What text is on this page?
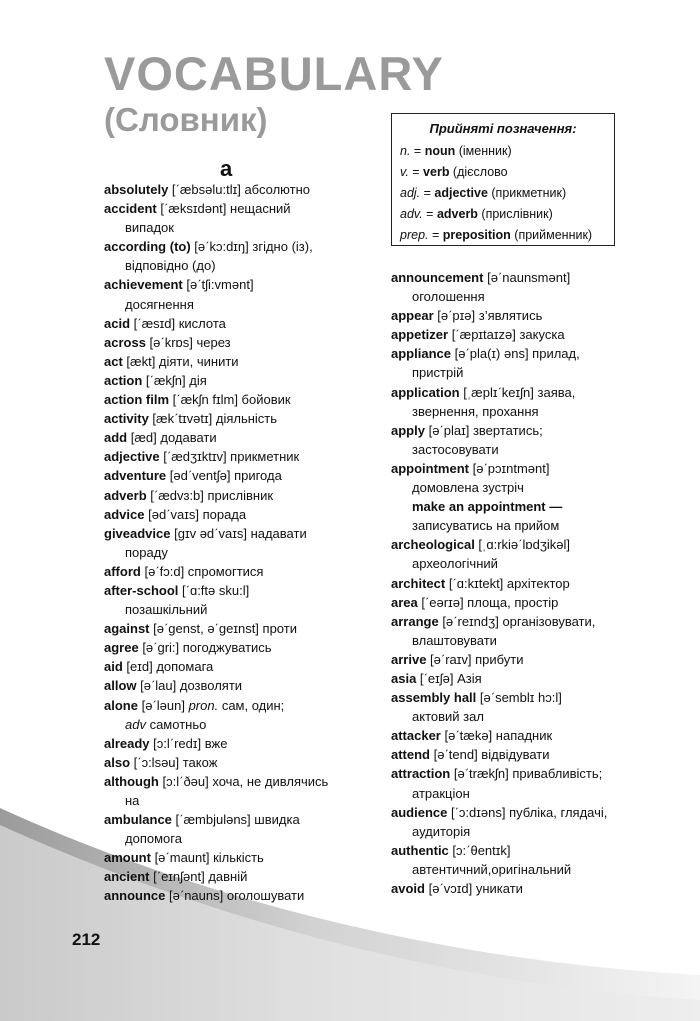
VOCABULARY
(Словник)	Прийняті позначення:
n. = noun (іменник)
v. = verb (дієслово
adj. = adjective (прикметник)
adv. = adverb (прислівник)
prep. = preposition (прийменник)
a
absolutely [ˊæbsəlu:tlɪ] абсолютно
accident [ˊæksɪdənt] нещасний
випадок
according (to) [əˊkɔ:dɪŋ] згідно (із),
відповідно (до)
achievement [əˊtʃi:vmənt]
досягнення
acid [ˊæsɪd] кислота
across [əˊkrɒs] через
act [ækt] діяти, чинити
action [ˊækʃn] дія
action film [ˊækʃn fɪlm] бойовик
activity [ækˊtɪvətɪ] діяльність
add [æd] додавати
adjective [ˊædʒɪktɪv] прикметник
adventure [ədˊventʃə] пригода
adverb [ˊædvɜ:b] прислівник
advice [ədˊvaɪs] порада
giveadvice [gɪv ədˊvaɪs] надавати
пораду
afford [əˊfɔ:d] спромогтися
after-school [ˊɑ:ftə sku:l]
позашкільний
against [əˊgenst, əˊgeɪnst] проти
agree [əˊgri:] погоджуватись
aid [eɪd] допомага
allow [əˊlau] дозволяти
alone [əˊləun] pron. сам, один;
adv самотньо
already [ɔ:lˊredɪ] вже
also [ˊɔ:lsəu] також
although [ɔ:lˊðəu] хоча, не дивлячись
на
ambulance [ˊæmbjuləns] швидка
допомога
amount [əˊmaunt] кількість
ancient [ˊeɪnʃənt] давній
announce [əˊnauns] оголошувати
announcement [əˊnaunsmənt]
оголошення
appear [əˊpɪə] з’являтись
appetizer [ˊæpɪtaɪzə] закуска
appliance [əˊpla(ɪ) əns] прилад,
пристрій
application [ˌæplɪˊkeɪʃn] заява,
звернення, прохання
apply [əˊplaɪ] звертатись;
застосовувати
appointment [əˊpɔɪntmənt]
домовлена зустріч
make an appointment —
записуватись на прийом
archeological [ˌɑ:rkiəˊlɒdʒikəl]
археологічний
architect [ˊɑ:kɪtekt] архітектор
area [ˊeərɪə] площа, простір
arrange [əˊreɪndʒ] організовувати,
влаштовувати
arrive [əˊraɪv] прибути
asia [ˊeɪʃə] Азія
assembly hall [əˊsemblɪ hɔ:l]
актовий зал
attacker [əˊtækə] нападник
attend [əˊtend] відвідувати
attraction [əˊtrækʃn] привабливість;
атракціон
audience [ˊɔ:dɪəns] публіка, глядачі,
аудиторія
authentic [ɔ:ˊθentɪk]
автентичний,оригінальний
avoid [əˊvɔɪd] уникати
212
